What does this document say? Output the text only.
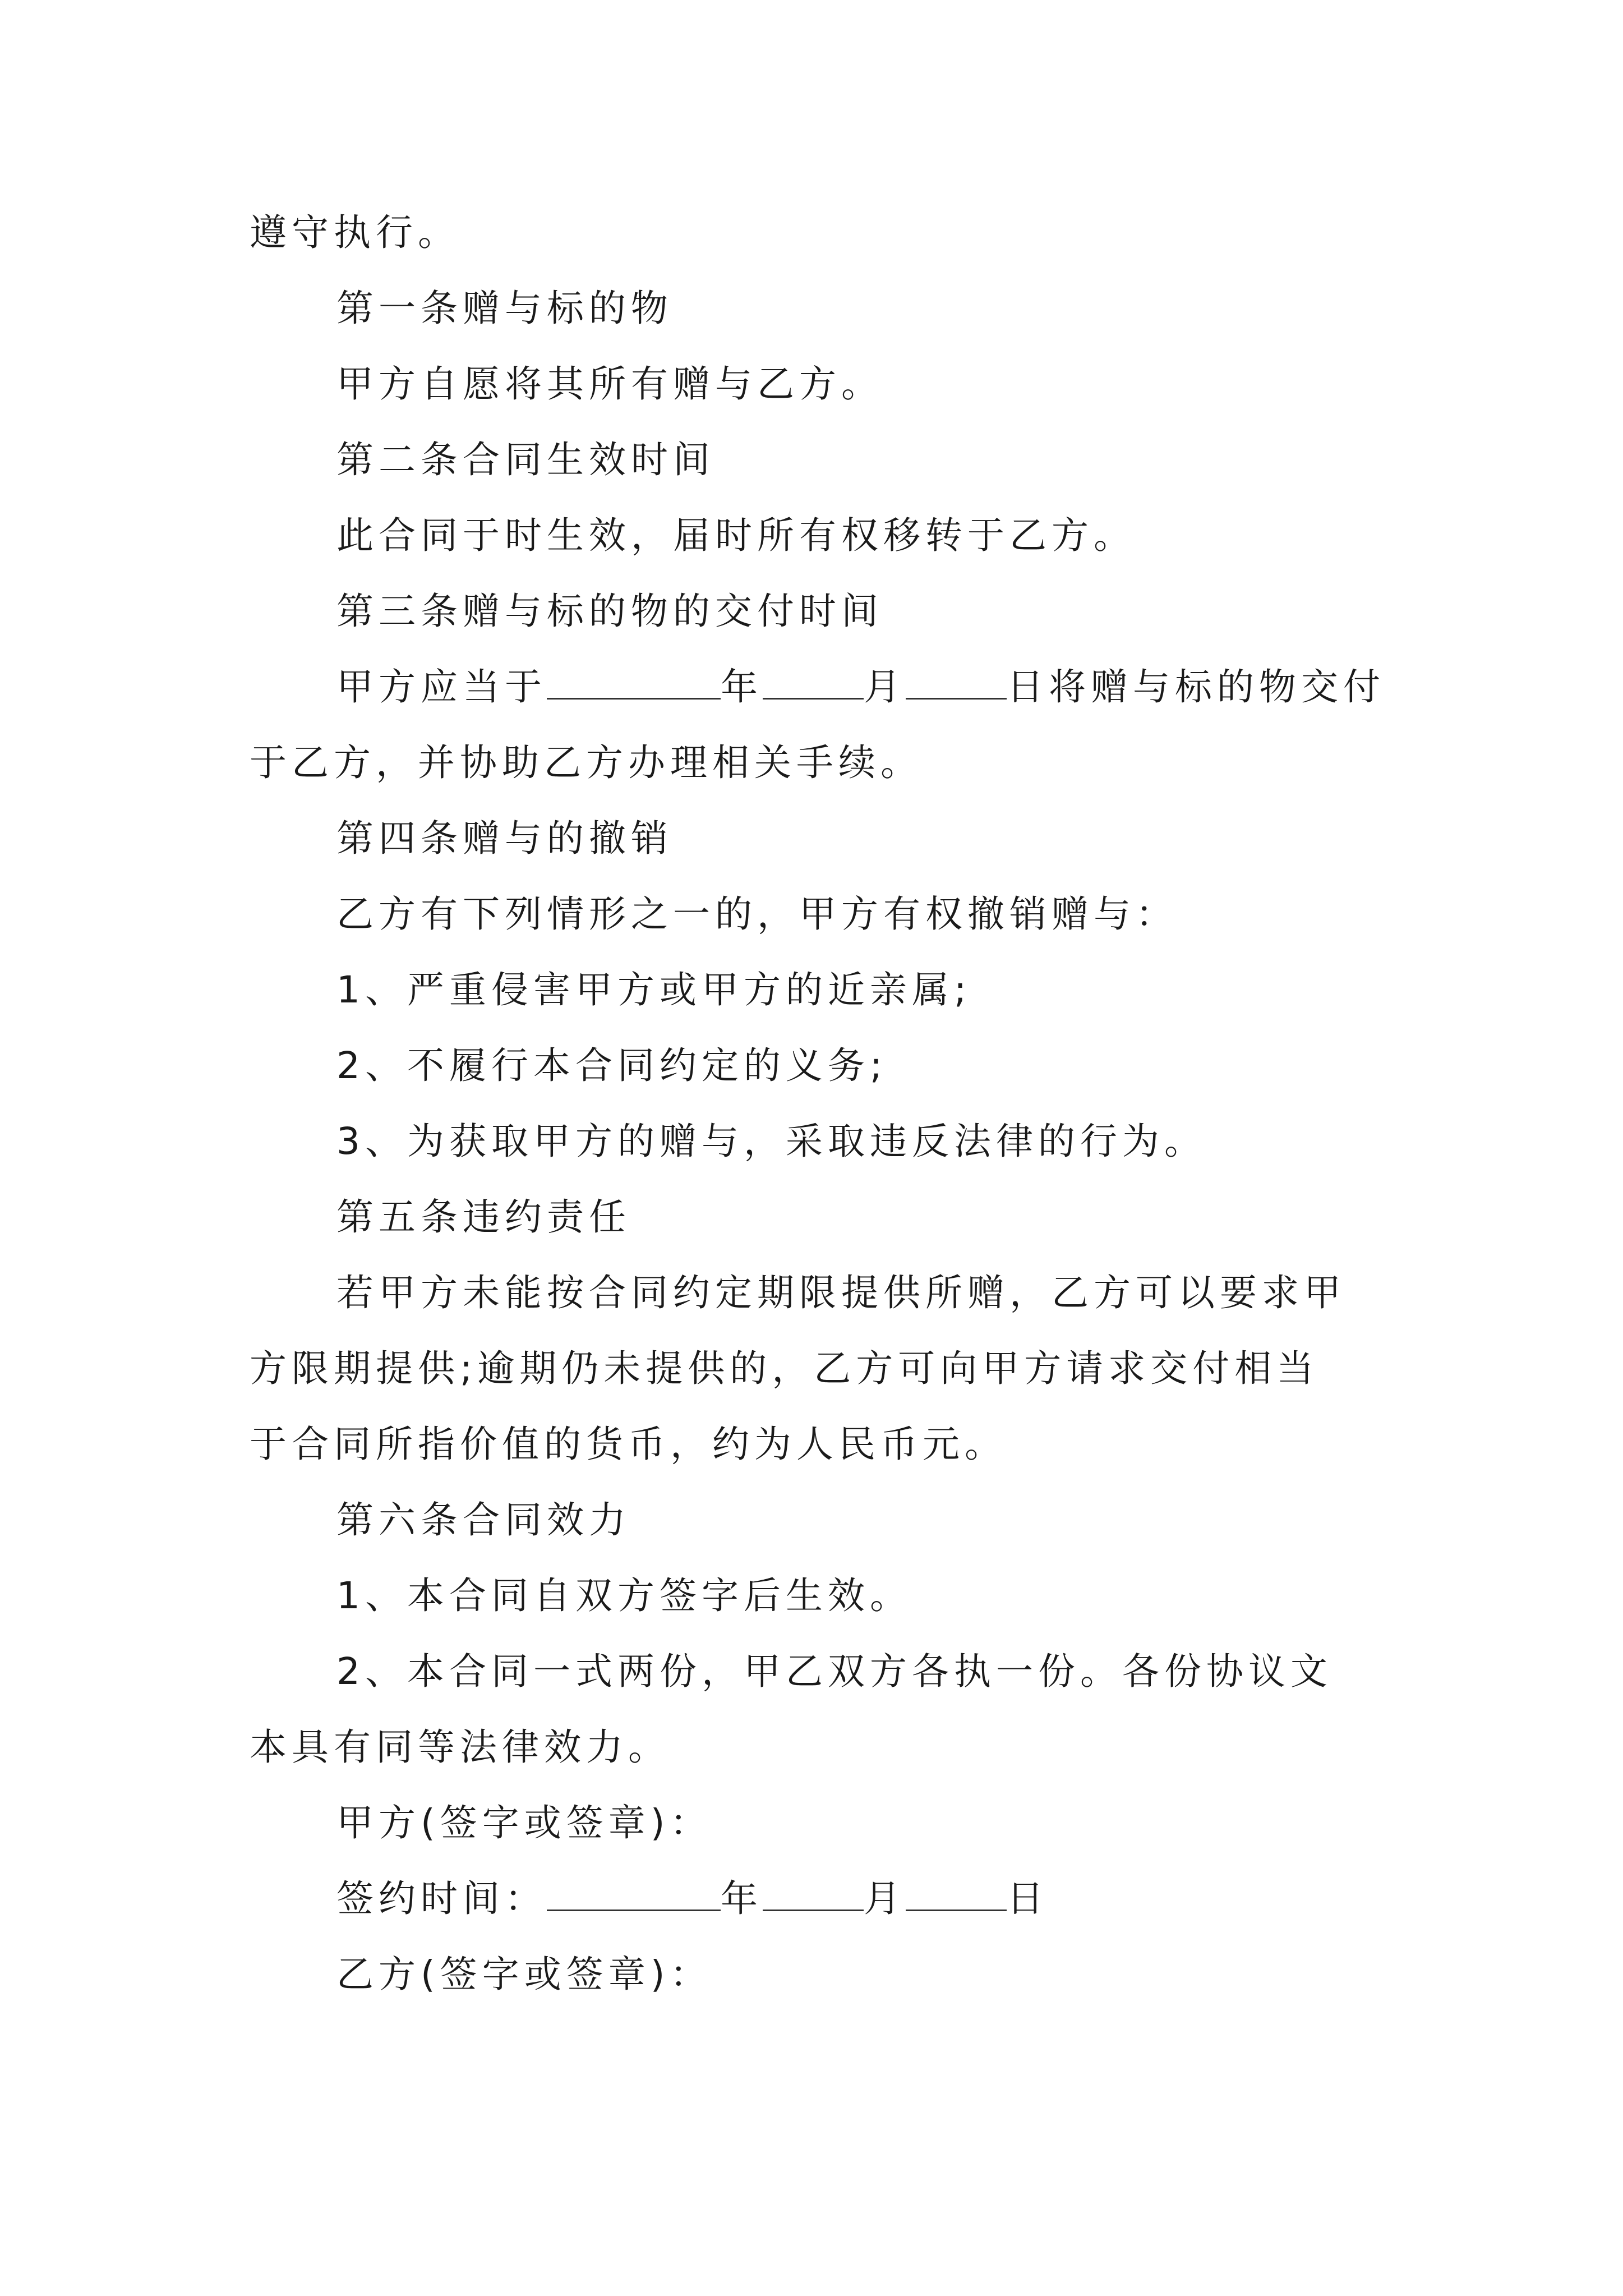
遵守执行。
第一条赠与标的物
甲方自愿将其所有赠与乙方。
第二条合同生效时间
此合同于时生效，届时所有权移转于乙方。
第三条赠与标的物的交付时间
甲方应当于	年	月	日将赠与标的物交付
于乙方，并协助乙方办理相关手续。
第四条赠与的撤销
乙方有下列情形之一的，甲方有权撤销赠与：
1、严重侵害甲方或甲方的近亲属;
2、不履行本合同约定的义务;
3、为获取甲方的赠与，采取违反法律的行为。
第五条违约责任
若甲方未能按合同约定期限提供所赠，乙方可以要求甲
方限期提供;逾期仍未提供的，乙方可向甲方请求交付相当
于合同所指价值的货币，约为人民币元。
第六条合同效力
1、本合同自双方签字后生效。
2、本合同一式两份，甲乙双方各执一份。各份协议文
本具有同等法律效力。
甲方(签字或签章)：
签约时间：	年	月	日
乙方(签字或签章)：
